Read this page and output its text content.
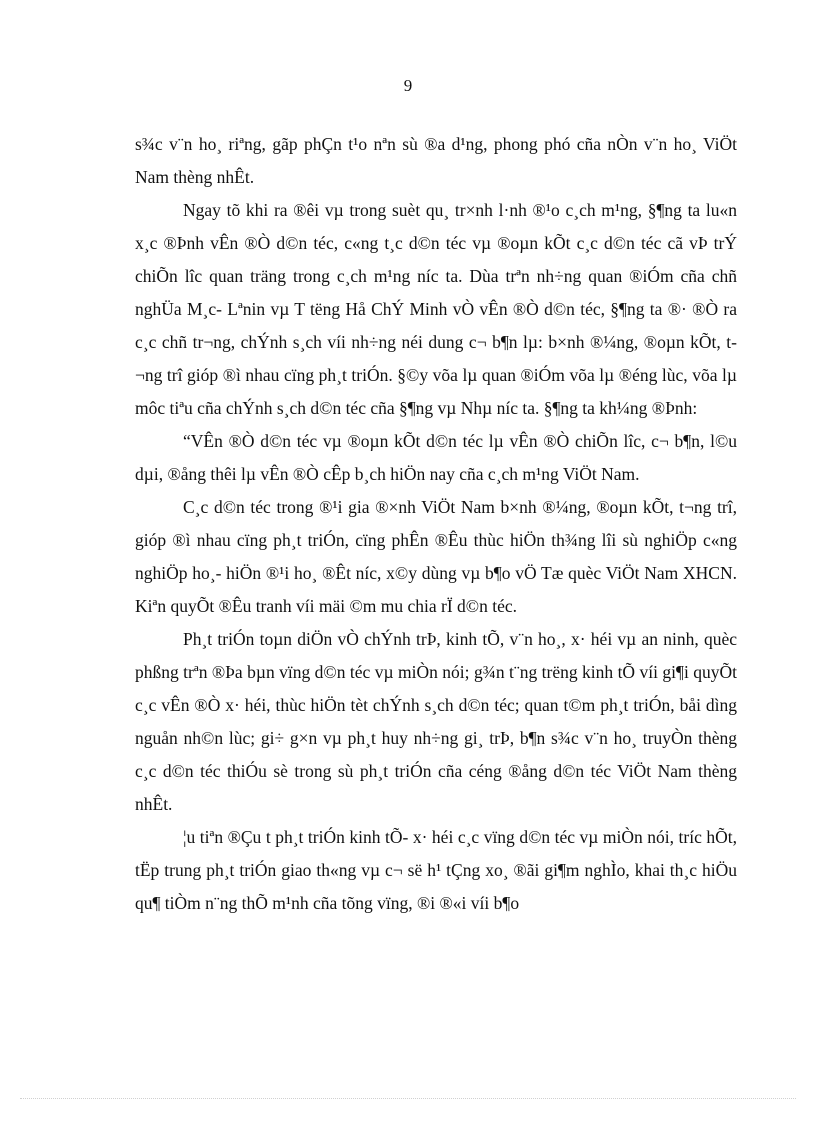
9

s¾c v¨n ho¸ riªng, gãp phÇn t¹o nªn sù ®a d¹ng, phong phó cña nÒn v¨n ho¸ ViÖt Nam thèng nhÊt.

Ngay tõ khi ra ®êi vµ trong suèt qu¸ tr×nh l·nh ®¹o c¸ch m¹ng, §¶ng ta lu«n x¸c ®Þnh vÊn ®Ò d©n téc, c«ng t¸c d©n téc vµ ®oµn kÕt c¸c d©n téc cã vÞ trÝ chiÕn lîc quan träng trong c¸ch m¹ng níc ta. Dùa trªn nh÷ng quan ®iÓm cña chñ nghÜa M¸c- Lªnin vµ T tëng Hå ChÝ Minh vÒ vÊn ®Ò d©n téc, §¶ng ta ®· ®Ò ra c¸c chñ tr¬ng, chÝnh s¸ch víi nh÷ng néi dung c¬ b¶n lµ: b×nh ®¼ng, ®oµn kÕt, t¬ng trî gióp ®ì nhau cïng ph¸t triÓn. §©y võa lµ quan ®iÓm võa lµ ®éng lùc, võa lµ môc tiªu cña chÝnh s¸ch d©n téc cña §¶ng vµ Nhµ níc ta. §¶ng ta kh¼ng ®Þnh:

“VÊn ®Ò d©n téc vµ ®oµn kÕt d©n téc lµ vÊn ®Ò chiÕn lîc, c¬ b¶n, l©u dµi, ®ång thêi lµ vÊn ®Ò cÊp b¸ch hiÖn nay cña c¸ch m¹ng ViÖt Nam.

C¸c d©n téc trong ®¹i gia ®×nh ViÖt Nam b×nh ®¼ng, ®oµn kÕt, t¬ng trî, gióp ®ì nhau cïng ph¸t triÓn, cïng phÊn ®Êu thùc hiÖn th¾ng lîi sù nghiÖp c«ng nghiÖp ho¸- hiÖn ®¹i ho¸ ®Êt níc, x©y dùng vµ b¶o vÖ Tæ quèc ViÖt Nam XHCN. Kiªn quyÕt ®Êu tranh víi mäi ©m mu chia rÏ d©n téc.

Ph¸t triÓn toµn diÖn vÒ chÝnh trÞ, kinh tÕ, v¨n ho¸, x· héi vµ an ninh, quèc phßng trªn ®Þa bµn vïng d©n téc vµ miÒn nói; g¾n t¨ng trëng kinh tÕ víi gi¶i quyÕt c¸c vÊn ®Ò x· héi, thùc hiÖn tèt chÝnh s¸ch d©n téc; quan t©m ph¸t triÓn, båi dìng nguån nh©n lùc; gi÷ g×n vµ ph¸t huy nh÷ng gi¸ trÞ, b¶n s¾c v¨n ho¸ truyÒn thèng c¸c d©n téc thiÓu sè trong sù ph¸t triÓn cña céng ®ång d©n téc ViÖt Nam thèng nhÊt.

¦u tiªn ®Çu t ph¸t triÓn kinh tÕ- x· héi c¸c vïng d©n téc vµ miÒn nói, tríc hÕt, tËp trung ph¸t triÓn giao th«ng vµ c¬ së h¹ tÇng xo¸ ®ãi gi¶m nghÌo, khai th¸c hiÖu qu¶ tiÒm n¨ng thÕ m¹nh cña tõng vïng, ®i ®«i víi b¶o
